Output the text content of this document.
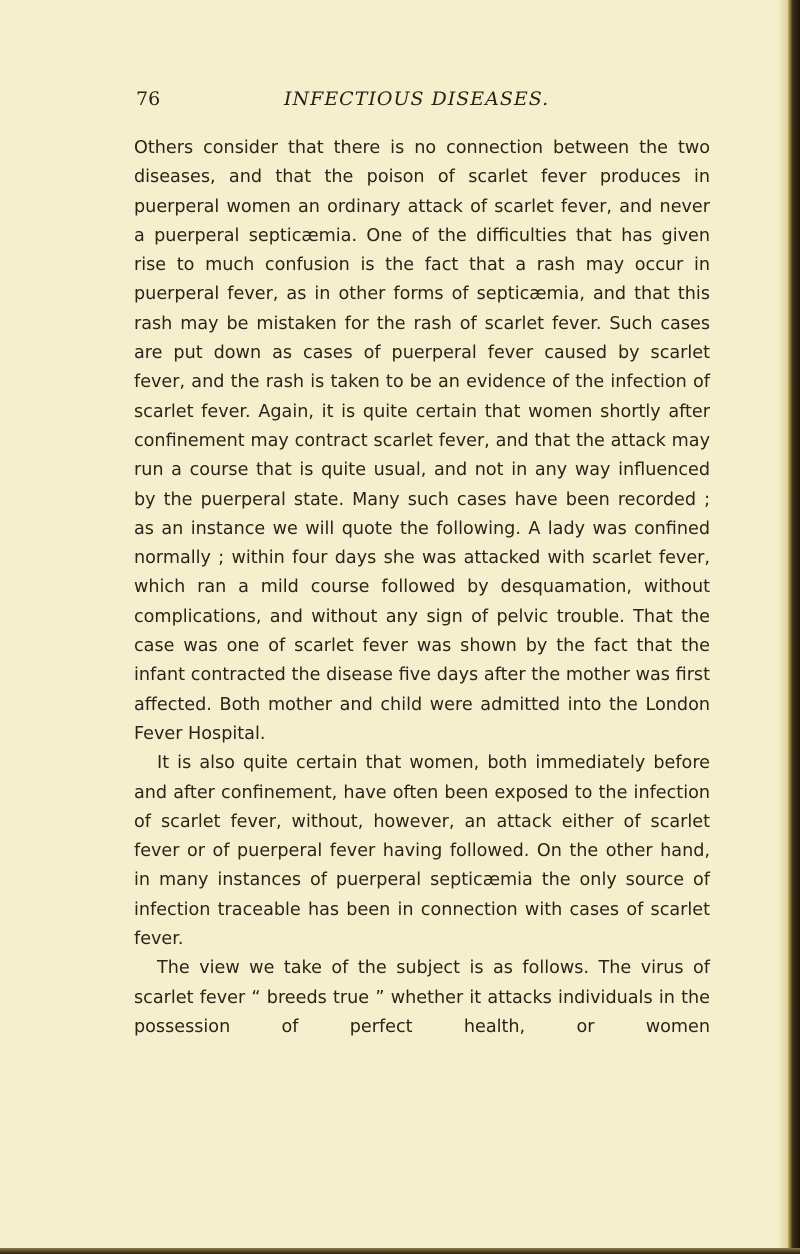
76	INFECTIOUS DISEASES.

Others consider that there is no connection between the two diseases, and that the poison of scarlet fever produces in puerperal women an ordinary attack of scarlet fever, and never a puerperal septicæmia. One of the difficulties that has given rise to much confusion is the fact that a rash may occur in puerperal fever, as in other forms of septicæmia, and that this rash may be mistaken for the rash of scarlet fever. Such cases are put down as cases of puerperal fever caused by scarlet fever, and the rash is taken to be an evidence of the infection of scarlet fever. Again, it is quite certain that women shortly after confinement may contract scarlet fever, and that the attack may run a course that is quite usual, and not in any way influenced by the puerperal state. Many such cases have been recorded ; as an instance we will quote the following. A lady was confined normally ; within four days she was attacked with scarlet fever, which ran a mild course followed by desquamation, without complications, and without any sign of pelvic trouble. That the case was one of scarlet fever was shown by the fact that the infant contracted the disease five days after the mother was first affected. Both mother and child were admitted into the London Fever Hospital.

It is also quite certain that women, both immediately before and after confinement, have often been exposed to the infection of scarlet fever, without, however, an attack either of scarlet fever or of puerperal fever having followed. On the other hand, in many instances of puerperal septicæmia the only source of infection traceable has been in connection with cases of scarlet fever.

The view we take of the subject is as follows. The virus of scarlet fever “ breeds true ” whether it attacks individuals in the possession of perfect health, or women
